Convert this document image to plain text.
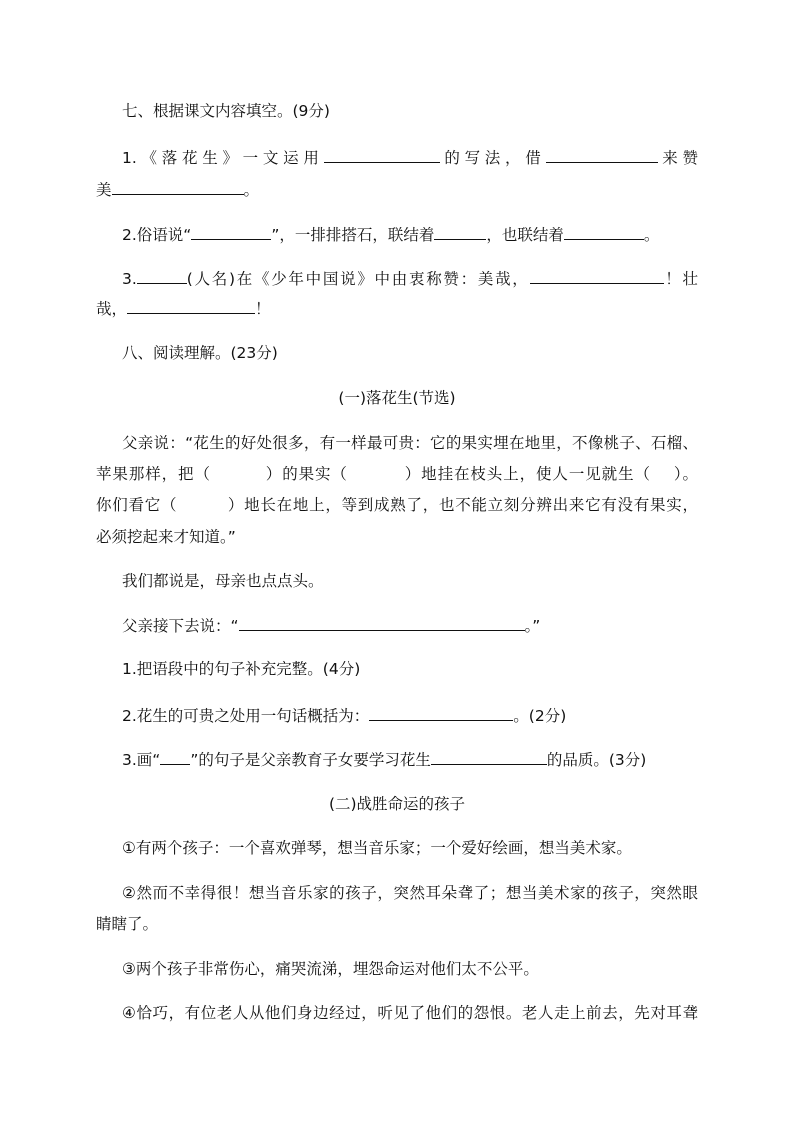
七、根据课文内容填空。(9分)
1.《落花生》一文运用	的写法，借	来赞
美	。
2.俗语说“	”，一排排搭石，联结着	，也联结着	。
3.	(人名)在《少年中国说》中由衷称赞：美哉，	！壮
哉，	！
八、阅读理解。(23分)
(一)落花生(节选)
父亲说：“花生的好处很多，有一样最可贵：它的果实埋在地里，不像桃子、石榴、
苹果那样，把（	）的果实（	）地挂在枝头上，使人一见就生（ ）。
你们看它（	）地长在地上，等到成熟了，也不能立刻分辨出来它有没有果实，
必须挖起来才知道。”
我们都说是，母亲也点点头。
父亲接下去说：“	。”
1.把语段中的句子补充完整。(4分)
2.花生的可贵之处用一句话概括为：	。(2分)
3.画“ ”的句子是父亲教育子女要学习花生	的品质。(3分)
(二)战胜命运的孩子
①有两个孩子：一个喜欢弹琴，想当音乐家；一个爱好绘画，想当美术家。
②然而不幸得很！想当音乐家的孩子，突然耳朵聋了；想当美术家的孩子，突然眼
睛瞎了。
③两个孩子非常伤心，痛哭流涕，埋怨命运对他们太不公平。
④恰巧，有位老人从他们身边经过，听见了他们的怨恨。老人走上前去，先对耳聋
